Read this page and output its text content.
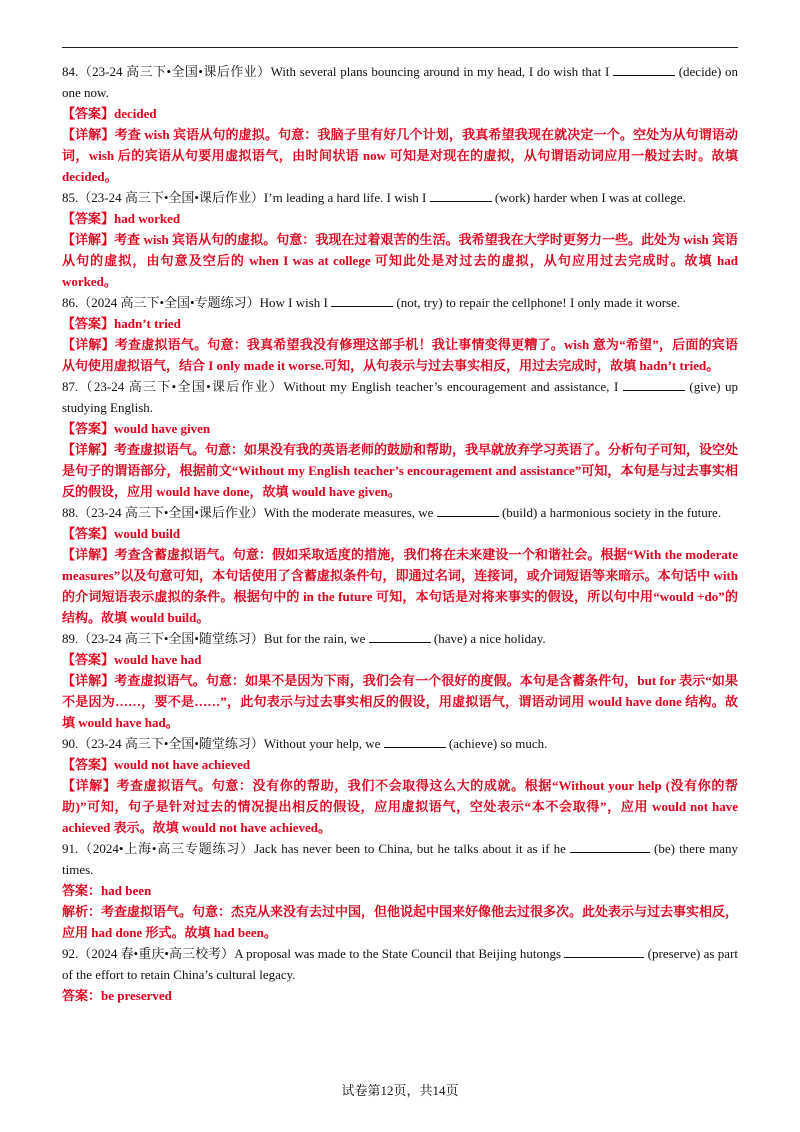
84.（23-24 高三下•全国•课后作业）With several plans bouncing around in my head, I do wish that I	(decide) on one now.

【答案】decided

【详解】考查 wish 宾语从句的虚拟。句意：我脑子里有好几个计划，我真希望我现在就决定一个。空处为从句谓语动词，wish 后的宾语从句要用虚拟语气，由时间状语 now 可知是对现在的虚拟，从句谓语动词应用一般过去时。故填 decided。

85.（23-24 高三下•全国•课后作业）I’m leading a hard life. I wish I	(work) harder when I was at college.

【答案】had worked

【详解】考查 wish 宾语从句的虚拟。句意：我现在过着艰苦的生活。我希望我在大学时更努力一些。此处为 wish 宾语从句的虚拟，由句意及空后的 when I was at college 可知此处是对过去的虚拟，从句应用过去完成时。故填 had worked。

86.（2024 高三下•全国•专题练习）How I wish I	(not, try) to repair the cellphone! I only made it worse.

【答案】hadn’t tried

【详解】考查虚拟语气。句意：我真希望我没有修理这部手机！我让事情变得更糟了。wish 意为“希望”，后面的宾语从句使用虚拟语气，结合 I only made it worse.可知，从句表示与过去事实相反，用过去完成时，故填 hadn’t tried。

87.（23-24 高三下•全国•课后作业）Without my English teacher’s encouragement and assistance, I	(give) up studying English.

【答案】would have given

【详解】考查虚拟语气。句意：如果没有我的英语老师的鼓励和帮助，我早就放弃学习英语了。分析句子可知，设空处是句子的谓语部分，根据前文“Without my English teacher’s encouragement and assistance”可知，本句是与过去事实相反的假设，应用 would have done，故填 would have given。

88.（23-24 高三下•全国•课后作业）With the moderate measures, we	(build) a harmonious society in the future.

【答案】would build

【详解】考查含蓄虚拟语气。句意：假如采取适度的措施，我们将在未来建设一个和谐社会。根据“With the moderate measures”以及句意可知，本句话使用了含蓄虚拟条件句，即通过名词，连接词，或介词短语等来暗示。本句话中 with 的介词短语表示虚拟的条件。根据句中的 in the future 可知，本句话是对将来事实的假设，所以句中用“would +do”的结构。故填 would build。

89.（23-24 高三下•全国•随堂练习）But for the rain, we	(have) a nice holiday.

【答案】would have had

【详解】考查虚拟语气。句意：如果不是因为下雨，我们会有一个很好的度假。本句是含蓄条件句，but for 表示“如果不是因为……，要不是……”，此句表示与过去事实相反的假设，用虚拟语气，谓语动词用 would have done 结构。故填 would have had。

90.（23-24 高三下•全国•随堂练习）Without your help, we	(achieve) so much.

【答案】would not have achieved

【详解】考查虚拟语气。句意：没有你的帮助，我们不会取得这么大的成就。根据“Without your help (没有你的帮助)”可知，句子是针对过去的情况提出相反的假设，应用虚拟语气，空处表示“本不会取得”，应用 would not have achieved 表示。故填 would not have achieved。

91.（2024•上海•高三专题练习）Jack has never been to China, but he talks about it as if he	(be) there many times.

答案：had been

解析：考查虚拟语气。句意：杰克从来没有去过中国，但他说起中国来好像他去过很多次。此处表示与过去事实相反，应用 had done 形式。故填 had been。

92.（2024 春•重庆•高三校考）A proposal was made to the State Council that Beijing hutongs	(preserve) as part of the effort to retain China’s cultural legacy.

答案：be preserved

试卷第12页，共14页
